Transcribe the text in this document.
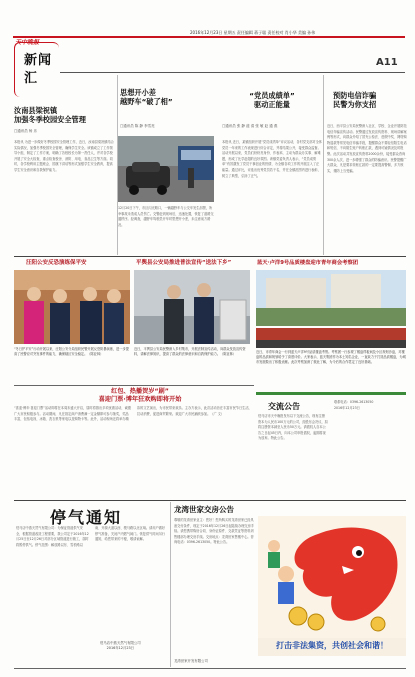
天中晚报
新闻
汇
2016年12月23日 星期五 责任编辑 蒋子聪 责任校对 肖小华 美编 孙伟
A11
汝南县梁祝镇
加强冬季校园安全管理
□通讯员 杨 乐
本报讯 为进一步做好冬季校园安全管理工作，近日，汝南县梁祝镇结合实际情况，加强冬季校园安全管理，确保学生安全。该镇成立了工作领导小组，制定了工作方案，明确了各校校长为第一责任人，并对各学校开展了安全大检查，重点检查校舍、消防、用电、食品卫生等方面。同时，各学校利用主题班会、国旗下讲话等形式加强学生安全教育，提高学生安全意识和自我保护能力。
思想开小差
越野车“破了相”
□通讯员 陈 静 李雪亮
12月20日下午，市区闪光路口，一辆越野车与公交车发生刮擦，所幸事故未造成人员伤亡。交警赶到现场后，迅速处置，恢复了道路交通秩序。经调查，越野车驾驶员开车时思想开小差，未注意前方路况。
“党员成绩单”
驱动正能量
□通讯员 张 静 道 清 张 敏 赵 通 燕
本报讯 近日，某镇组织开展“党员成绩单”评议活动，各村党支部对全体党员一年来的工作表现进行综合评定，并将结果公开，接受群众监督。活动开展以来，党员们纷纷亮身份、作表率，主动为群众办实事、解难题，形成了比学赶超的良好氛围。该镇党委负责人表示，“党员成绩单”有效激发了党员干事创业的热情，为全镇各项工作的开展注入了正能量。通过评比，评选出优秀党员若干名，并在全镇范围内进行表彰，树立了典型，弘扬了正气。
预防电信诈骗
民警为你支招
近日，西平县公安局民警深入社区、学校、企业开展防范电信诈骗宣传活动。民警通过发放宣传资料、现场讲解案例等形式，向群众介绍了冒充公检法、虚假中奖、网络购物退款等常见电信诈骗手段，提醒群众不要轻信陌生电话和短信，不向陌生账户转账汇款，遇到可疑情况及时报警。此次活动共发放宣传资料2000余份，接受群众咨询300余人次，进一步增强了群众的防骗意识。民警提醒广大群众，凡是要求转账汇款的一定要提高警惕，多方核实，谨防上当受骗。
汪阳公安反恐演练保平安
“冬日护平安”行动开展以来，汪阳公安分局组织民警开展反恐防暴演练，进一步提高了民警应对突发事件的能力，确保辖区安全稳定。（陈亚林）
平舆县公安局推进普法宣传“送法下乡”
近日，平舆县公安局民警深入乡村集市，开展法制宣传活动，向群众发放宣传资料，讲解法律知识，提高了群众的法律意识和自我保护能力。（陈亚林）
蓝天·卢洋9号品质楼盘迎市青年商会考察团
近日，市青年商会一行到蓝天卢洋9号品质楼盘考察。考察团一行参观了楼盘样板间及小区规划沙盘，对楼盘的品质和规划给予了高度评价。大家表示，蓝天集团作为本土知名企业，一直致力于打造品质楼盘，为城市发展做出了积极贡献。此次考察加深了彼此了解，为今后的合作奠定了良好基础。
红包、热播贺岁“剧”
喜迎门票·博年狂欢购即将开始
“喜迎·博年·喜迎门票”活动即将在本周末盛大开启，届时将推出多项优惠活动，诚邀广大市民积极参与。活动期间，凡在指定商户消费满一定金额即可参与抽奖，奖品丰富，包括电视、冰箱、洗衣机等家电以及购物卡等。此外，活动现场还将举办精彩的文艺演出，为市民带来欢乐。主办方表示，此次活动旨在丰富市民节日生活，拉动消费，促进商贸繁荣。欢迎广大市民踊跃参加。（广 文）
交流公告
驻马店市天中晚报发布以下交流公告，现有注册资本为人民币100万元的公司，经股东会决议，拟将注册资本减至人民币50万元。请债权人自本公告之日起45日内，向本公司申报债权，逾期将视为放弃。特此公告。
联系电话：0396-2613050
2016年12月23日
停气通知
驻马店中燕天然气有限公司：为保证管道供气安全，根据管道改造工程需要，我公司定于2016年12月25日至12月26日对部分区域管道进行施工，届时将暂停供气。停气范围：解放路以东、雪松路以南、开源大道以西、骏马路以北区域。请用户做好停气准备，关闭户内燃气阀门。恢复供气时间另行通知，给您带来的不便，敬请谅解。
驻马店中燕天然气有限公司
2016年12月23日
龙湾世家交房公告
尊敬的龙湾世家业主：您好！您所购买的龙湾世家已经具备交付条件，现定于2016年12月26日起陆续办理交房手续。请您携带购房合同、身份证原件、交款凭证等资料到售楼部办理交房手续。交房地点：龙湾世家售楼中心。咨询电话：0396-2613050。特此公告。
龙湾世家开发有限公司
打击非法集资，共创社会和谐！
